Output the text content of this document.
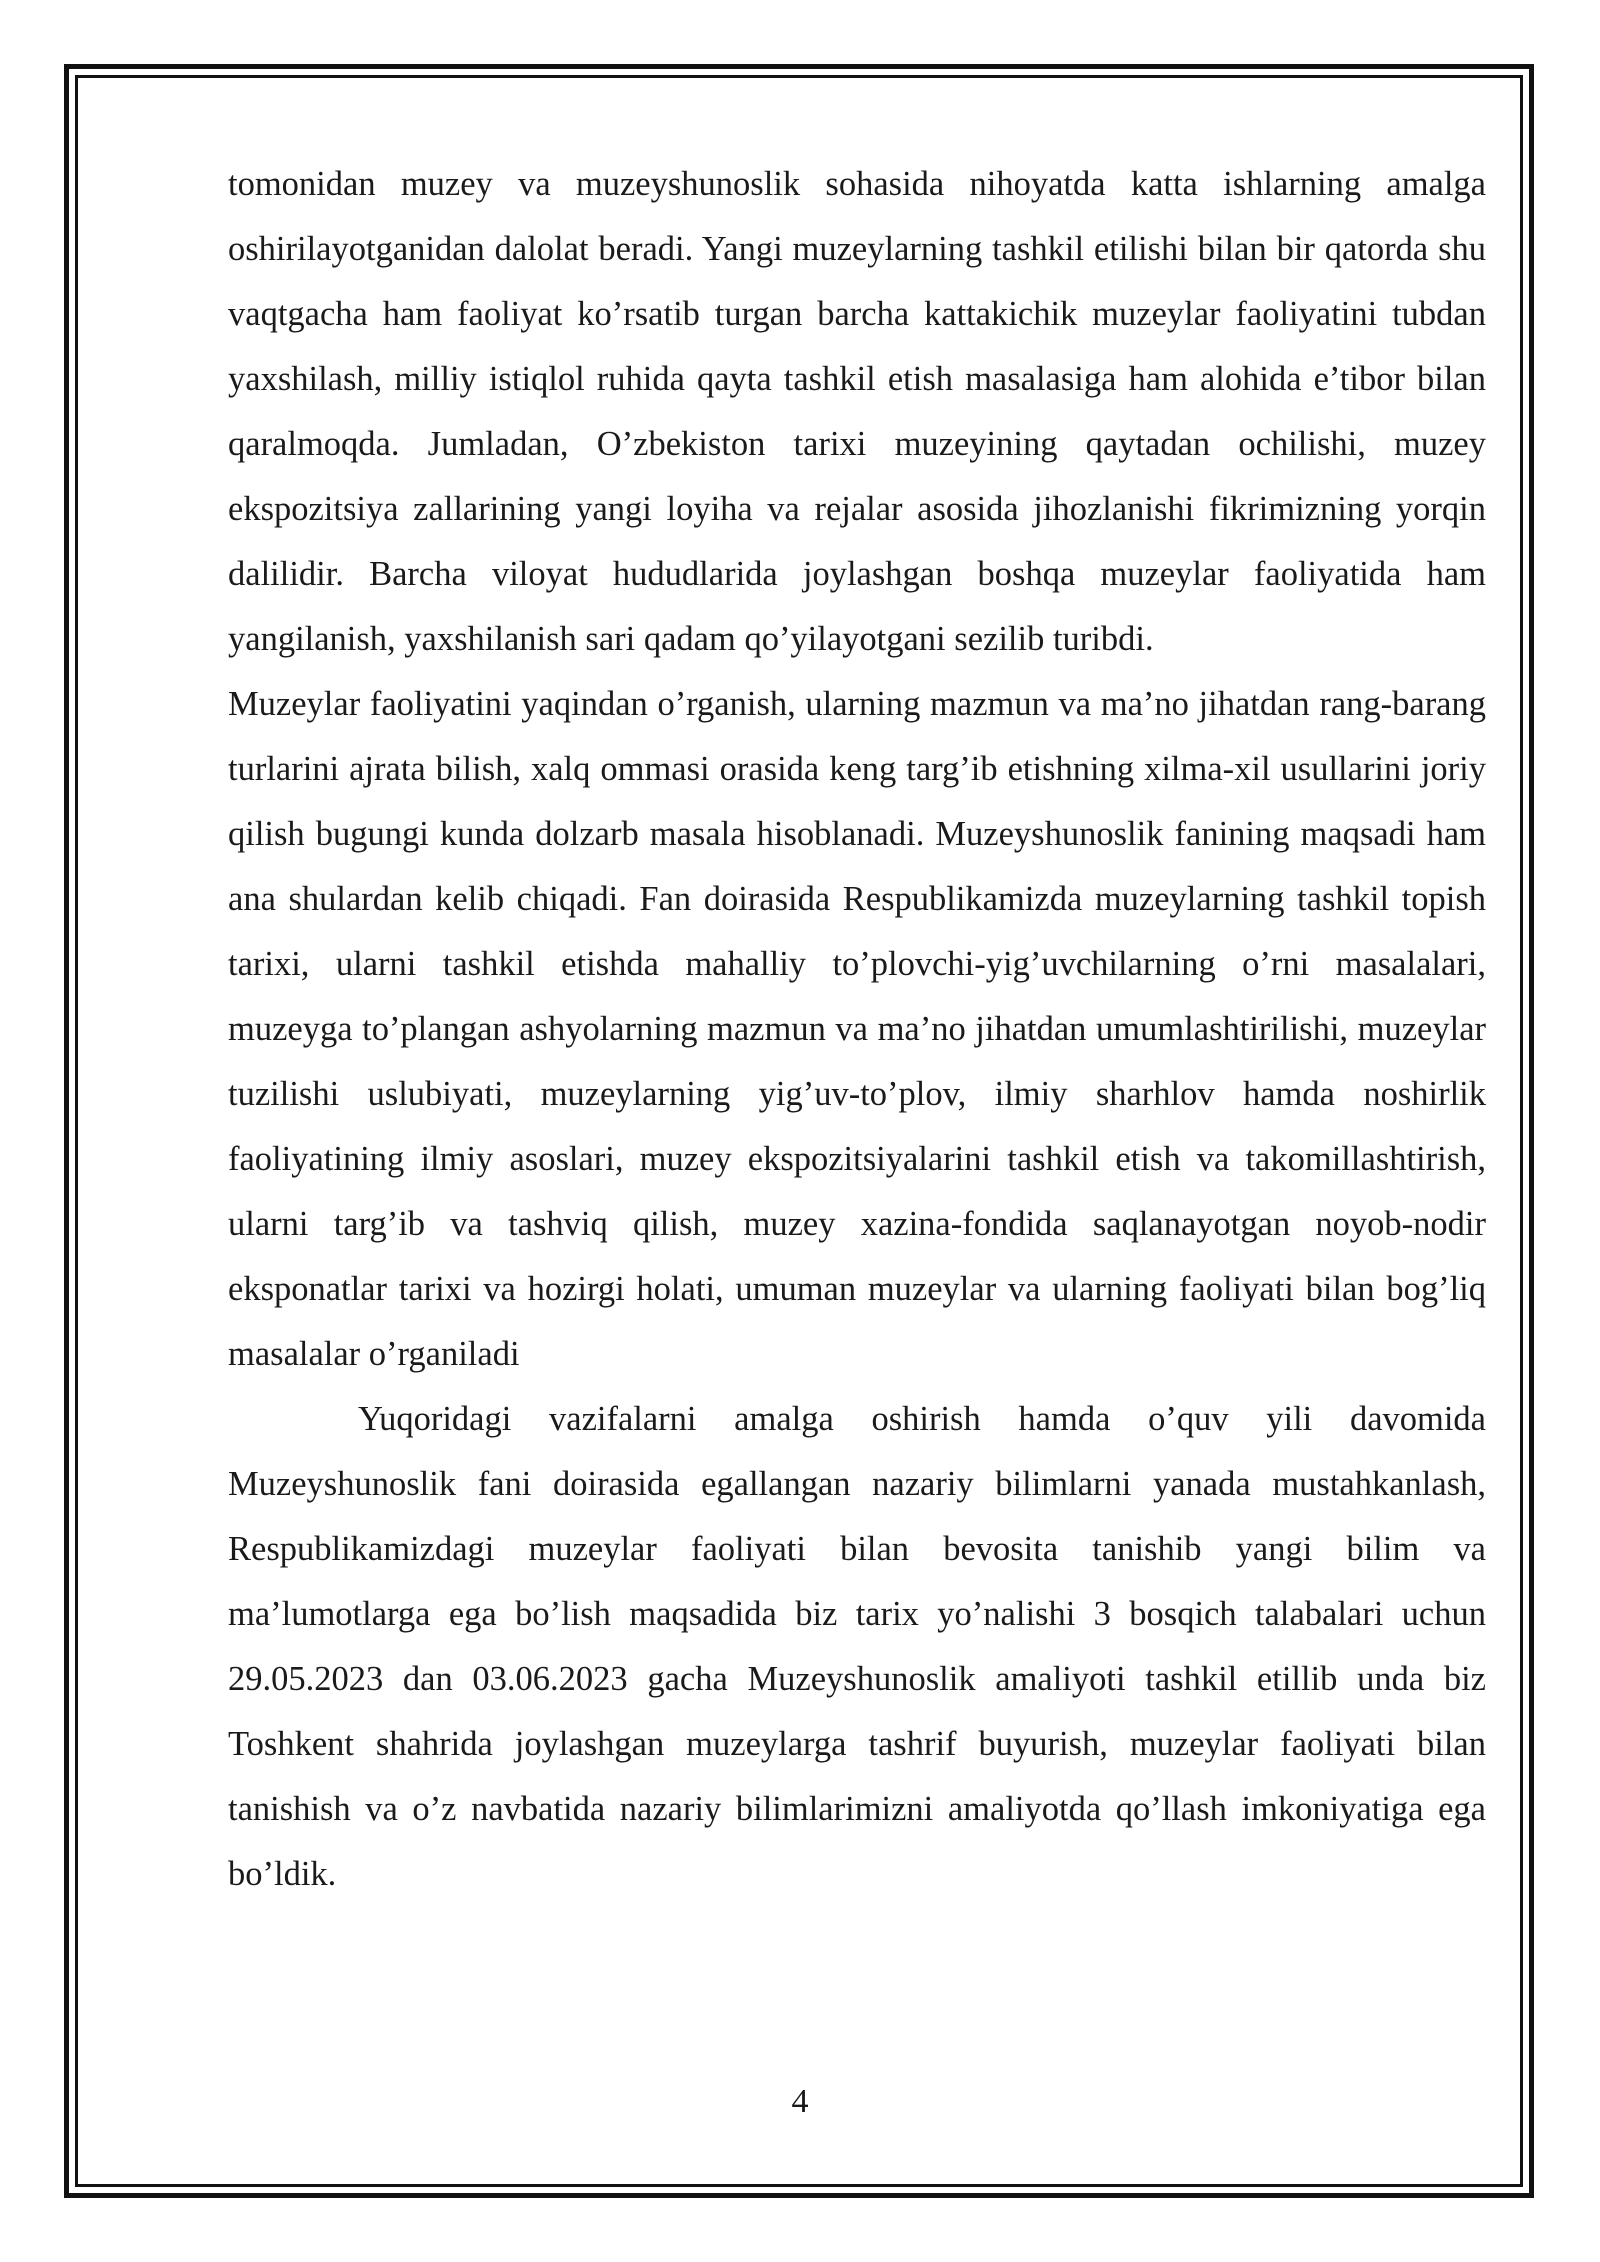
tomonidan muzey va muzeyshunoslik sohasida nihoyatda katta ishlarning amalga oshirilayotganidan dalolat beradi. Yangi muzeylarning tashkil etilishi bilan bir qatorda shu vaqtgacha ham faoliyat ko’rsatib turgan barcha kattakichik muzeylar faoliyatini tubdan yaxshilash, milliy istiqlol ruhida qayta tashkil etish masalasiga ham alohida e’tibor bilan qaralmoqda. Jumladan, O’zbekiston tarixi muzeyining qaytadan ochilishi, muzey ekspozitsiya zallarining yangi loyiha va rejalar asosida jihozlanishi fikrimizning yorqin dalilidir. Barcha viloyat hududlarida joylashgan boshqa muzeylar faoliyatida ham yangilanish, yaxshilanish sari qadam qo’yilayotgani sezilib turibdi.

Muzeylar faoliyatini yaqindan o’rganish, ularning mazmun va ma’no jihatdan rang-barang turlarini ajrata bilish, xalq ommasi orasida keng targ’ib etishning xilma-xil usullarini joriy qilish bugungi kunda dolzarb masala hisoblanadi. Muzeyshunoslik fanining maqsadi ham ana shulardan kelib chiqadi. Fan doirasida Respublikamizda muzeylarning tashkil topish tarixi, ularni tashkil etishda mahalliy to’plovchi-yig’uvchilarning o’rni masalalari, muzeyga to’plangan ashyolarning mazmun va ma’no jihatdan umumlashtirilishi, muzeylar tuzilishi uslubiyati, muzeylarning yig’uv-to’plov, ilmiy sharhlov hamda noshirlik faoliyatining ilmiy asoslari, muzey ekspozitsiyalarini tashkil etish va takomillashtirish, ularni targ’ib va tashviq qilish, muzey xazina-fondida saqlanayotgan noyob-nodir eksponatlar tarixi va hozirgi holati, umuman muzeylar va ularning faoliyati bilan bog’liq masalalar o’rganiladi

Yuqoridagi vazifalarni amalga oshirish hamda o’quv yili davomida Muzeyshunoslik fani doirasida egallangan nazariy bilimlarni yanada mustahkanlash, Respublikamizdagi muzeylar faoliyati bilan bevosita tanishib yangi bilim va ma’lumotlarga ega bo’lish maqsadida biz tarix yo’nalishi 3 bosqich talabalari uchun 29.05.2023 dan 03.06.2023 gacha Muzeyshunoslik amaliyoti tashkil etillib unda biz Toshkent shahrida joylashgan muzeylarga tashrif buyurish, muzeylar faoliyati bilan tanishish va o’z navbatida nazariy bilimlarimizni amaliyotda qo’llash imkoniyatiga ega bo’ldik.

4
